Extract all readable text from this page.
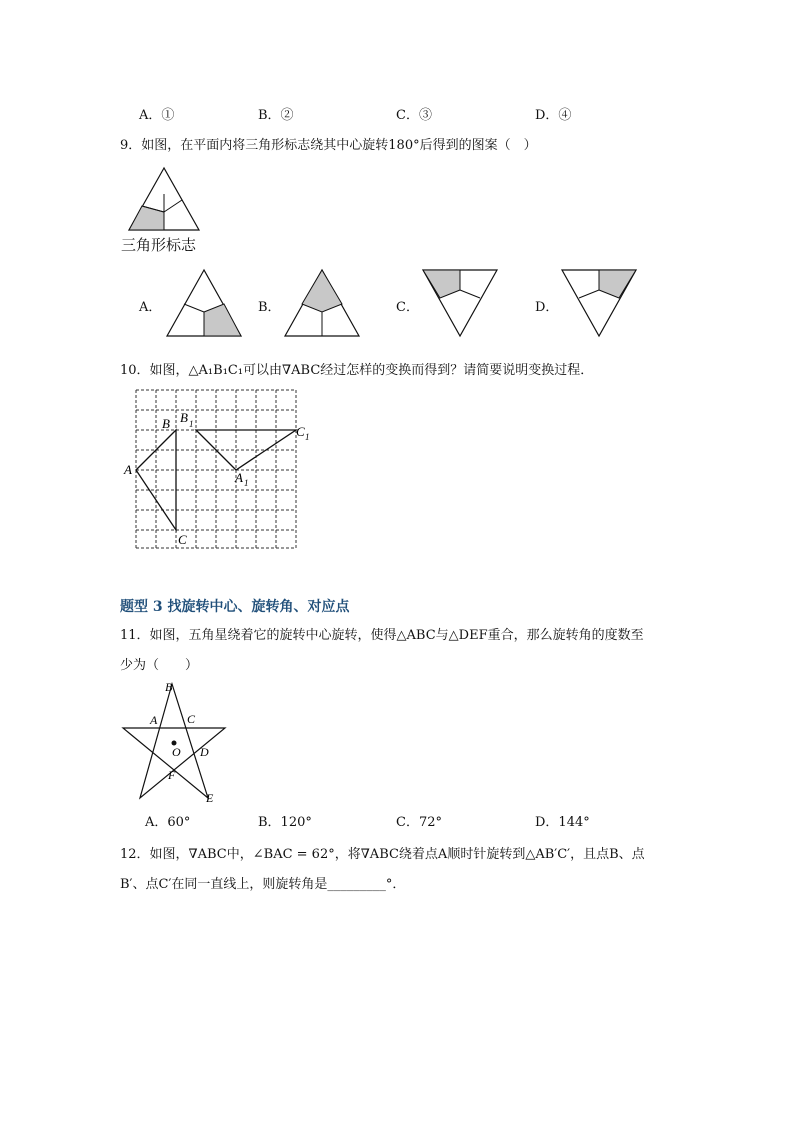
A．①	B．②	C．③	D．④
9．如图，在平面内将三角形标志绕其中心旋转180°后得到的图案（　）
三角形标志
A．	B．	C．	D．
10．如图，△A₁B₁C₁可以由∇ABC经过怎样的变换而得到？请简要说明变换过程．
A
B
C
B 1	C 1
A 1
题型 3 找旋转中心、旋转角、对应点
11．如图，五角星绕着它的旋转中心旋转，使得△ABC与△DEF重合，那么旋转角的度数至
少为（　　）
B
A C
O D
F
E
A．60°	B．120°	C．72°	D．144°
12．如图，∇ABC中，∠BAC = 62°，将∇ABC绕着点A顺时针旋转到△AB′C′，且点B、点
B′、点C′在同一直线上，则旋转角是_________°．
